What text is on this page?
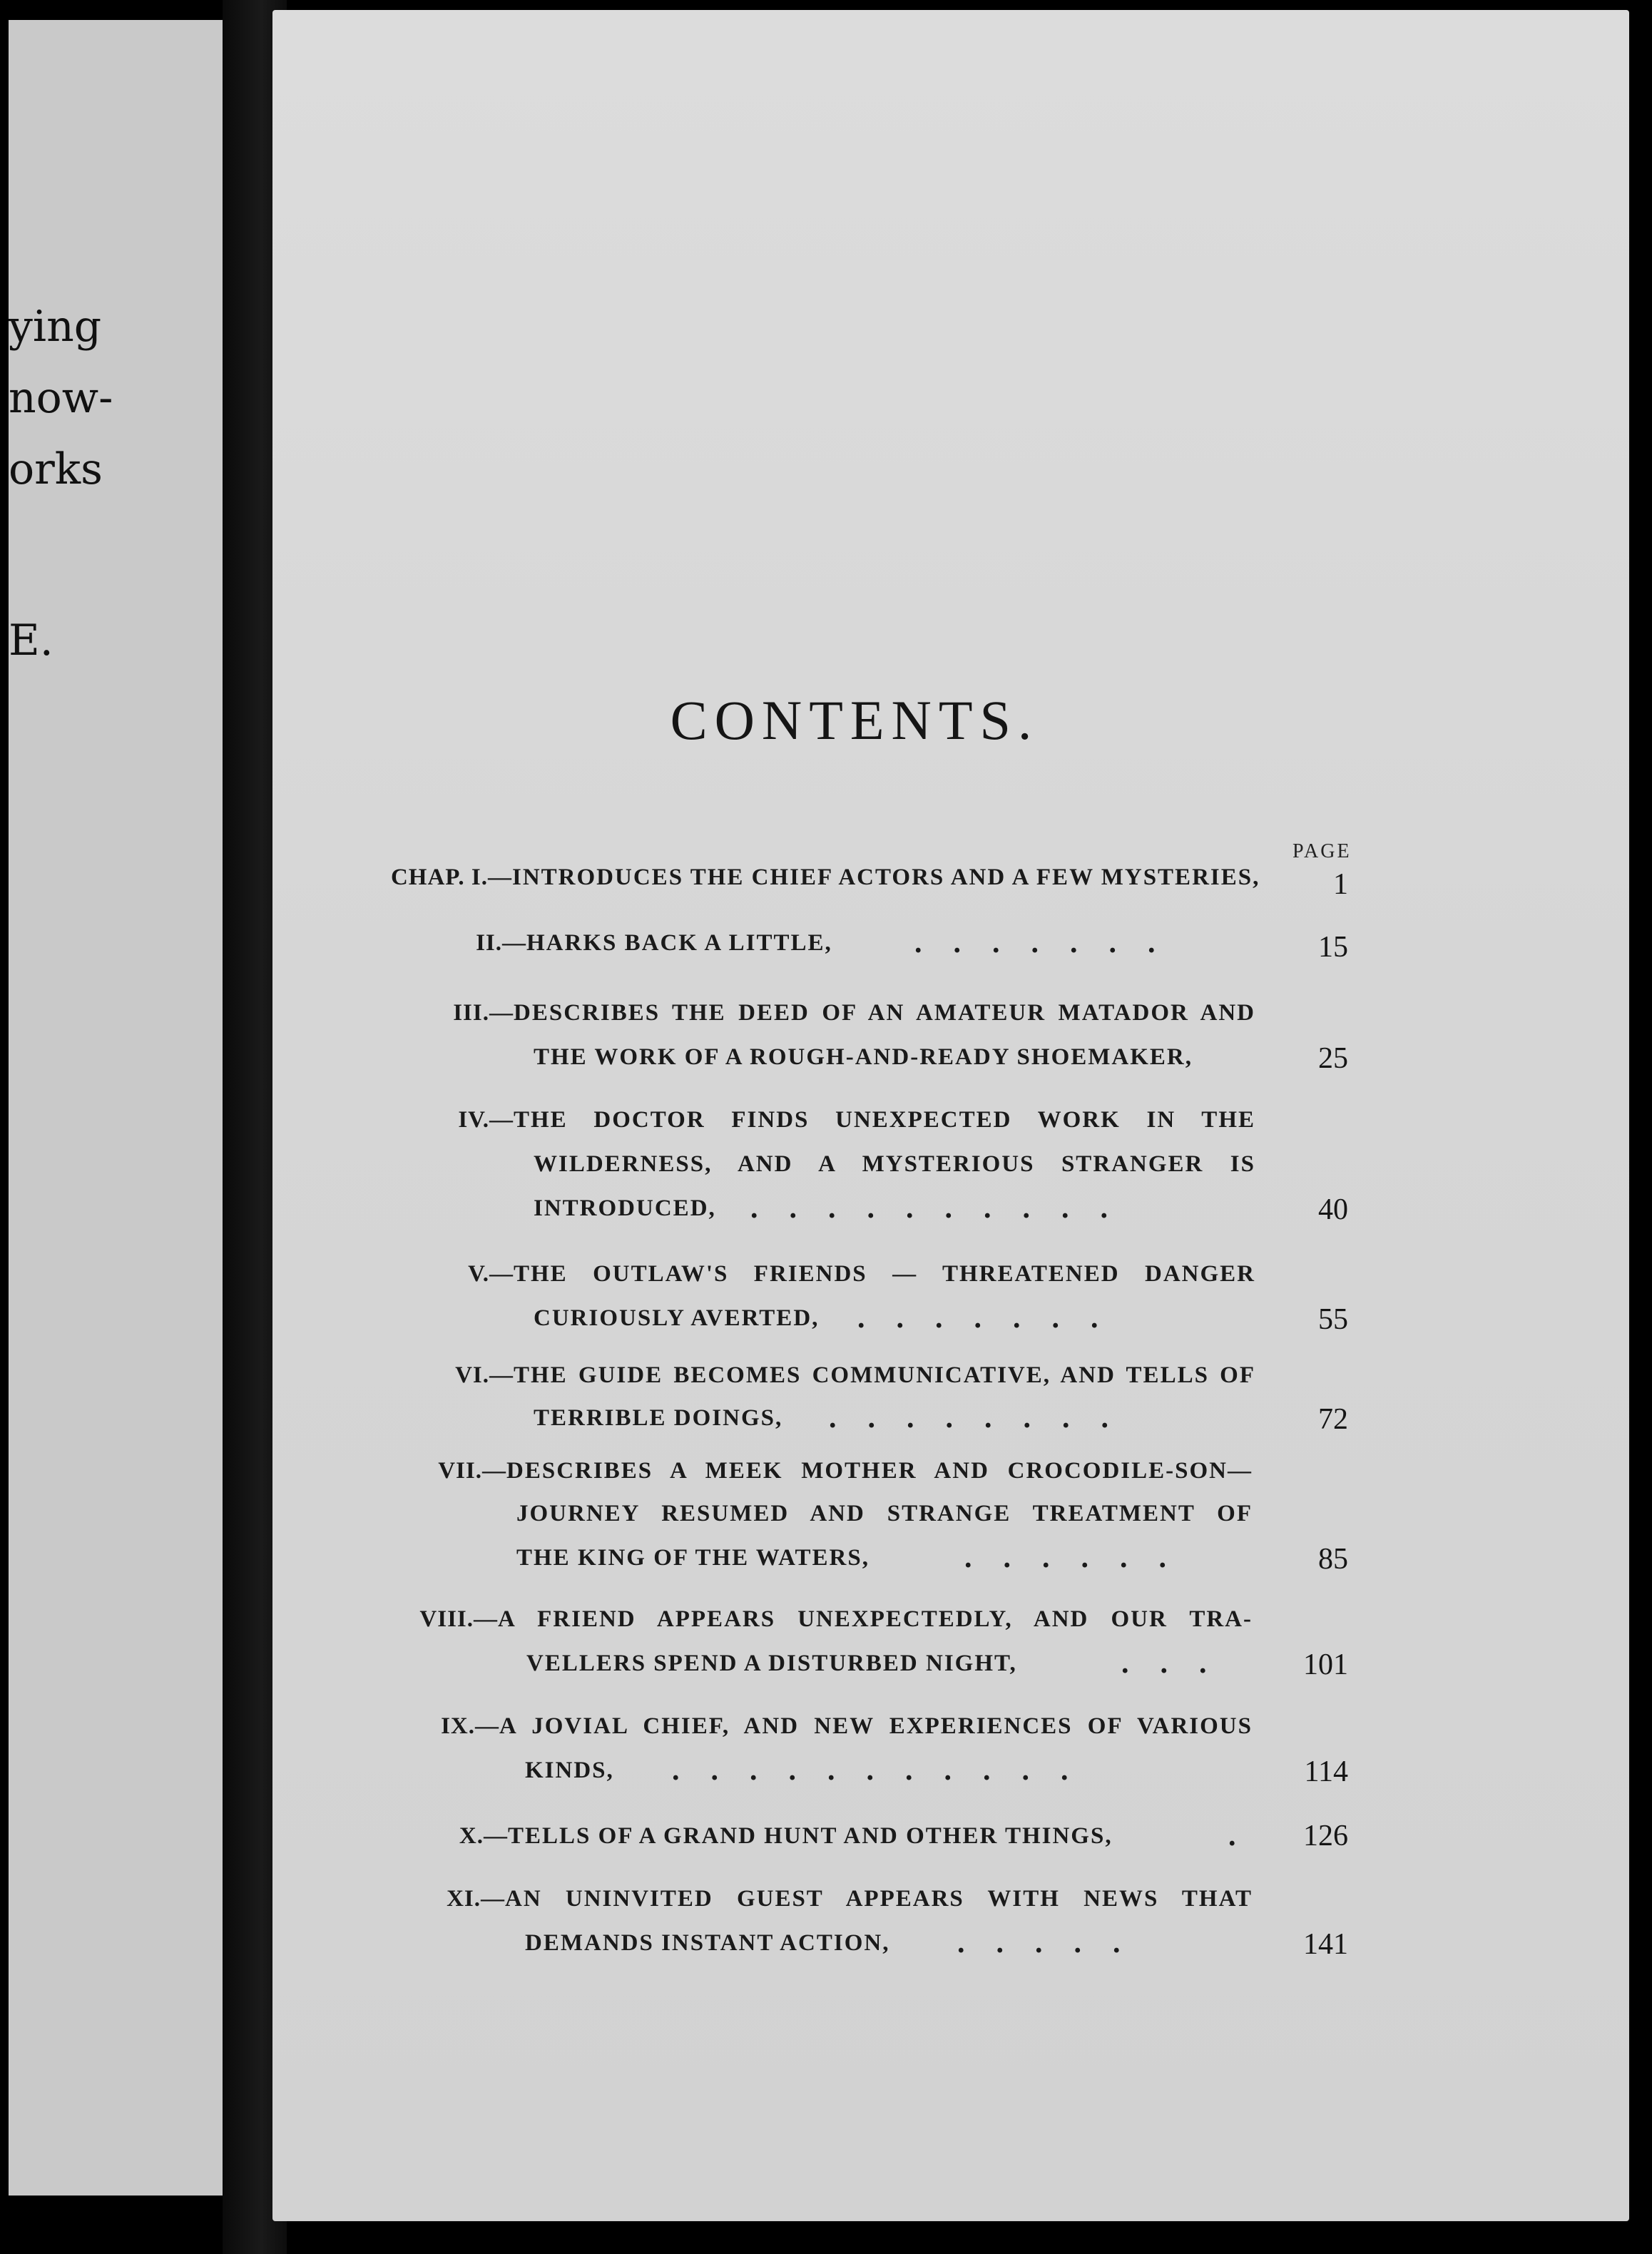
ying
now-
orks
E.
CONTENTS.
PAGE
CHAP. I.— INTRODUCES THE CHIEF ACTORS AND A FEW MYSTERIES,	1
II.— HARKS BACK A LITTLE,	. . . . . . .	15
III.— DESCRIBES THE DEED OF AN AMATEUR MATADOR AND
THE WORK OF A ROUGH-AND-READY SHOEMAKER,	25
IV.— THE DOCTOR FINDS UNEXPECTED WORK IN THE
WILDERNESS, AND A MYSTERIOUS STRANGER IS
INTRODUCED,	. . . . . . . . . .	40
V.— THE OUTLAW'S FRIENDS — THREATENED DANGER
CURIOUSLY AVERTED,	. . . . . . .	55
VI.— THE GUIDE BECOMES COMMUNICATIVE, AND TELLS OF
TERRIBLE DOINGS,	. . . . . . . .	72
VII.— DESCRIBES A MEEK MOTHER AND CROCODILE-SON—
JOURNEY RESUMED AND STRANGE TREATMENT OF
THE KING OF THE WATERS,	. . . . . .	85
VIII.— A FRIEND APPEARS UNEXPECTEDLY, AND OUR TRA-
VELLERS SPEND A DISTURBED NIGHT,	. . .	101
IX.— A JOVIAL CHIEF, AND NEW EXPERIENCES OF VARIOUS
KINDS,	. . . . . . . . . . .	114
X.— TELLS OF A GRAND HUNT AND OTHER THINGS,	.	126
XI.— AN UNINVITED GUEST APPEARS WITH NEWS THAT
DEMANDS INSTANT ACTION,	. . . . .	141
